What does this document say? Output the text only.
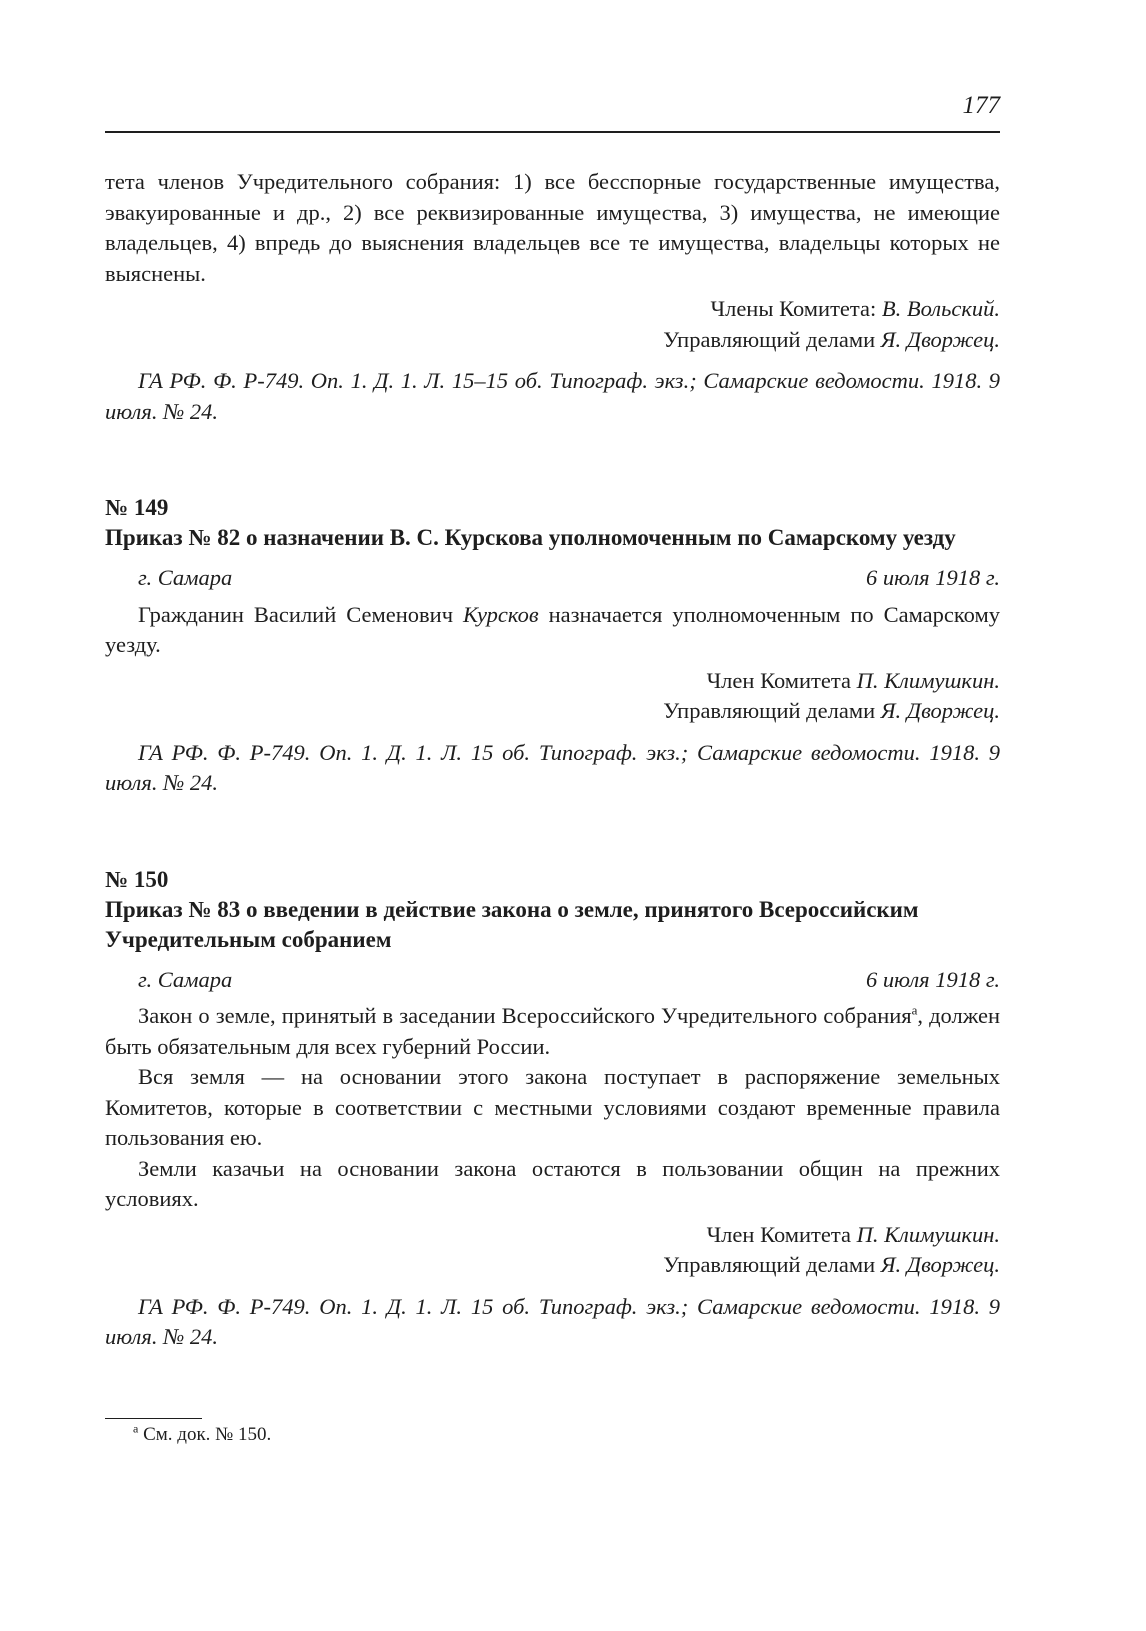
177

тета членов Учредительного собрания: 1) все бесспорные государственные имущества, эвакуированные и др., 2) все реквизированные имущества, 3) имущества, не имеющие владельцев, 4) впредь до выяснения владельцев все те имущества, владельцы которых не выяснены.

Члены Комитета: В. Вольский.

Управляющий делами Я. Дворжец.

ГА РФ. Ф. Р-749. Оп. 1. Д. 1. Л. 15–15 об. Типограф. экз.; Самарские ведомости. 1918. 9 июля. № 24.

№ 149
Приказ № 82 о назначении В. С. Курскова уполномоченным по Самарскому уезду
г. Самара	6 июля 1918 г.

Гражданин Василий Семенович Курсков назначается уполномоченным по Самарскому уезду.

Член Комитета П. Климушкин.

Управляющий делами Я. Дворжец.

ГА РФ. Ф. Р-749. Оп. 1. Д. 1. Л. 15 об. Типограф. экз.; Самарские ведомости. 1918. 9 июля. № 24.

№ 150
Приказ № 83 о введении в действие закона о земле, принятого Всероссийским Учредительным собранием
г. Самара	6 июля 1918 г.

Закон о земле, принятый в заседании Всероссийского Учредительного собрания$^а$, должен быть обязательным для всех губерний России.

Вся земля — на основании этого закона поступает в распоряжение земельных Комитетов, которые в соответствии с местными условиями создают временные правила пользования ею.

Земли казачьи на основании закона остаются в пользовании общин на прежних условиях.

Член Комитета П. Климушкин.

Управляющий делами Я. Дворжец.

ГА РФ. Ф. Р-749. Оп. 1. Д. 1. Л. 15 об. Типограф. экз.; Самарские ведомости. 1918. 9 июля. № 24.

$^а$ См. док. № 150.
